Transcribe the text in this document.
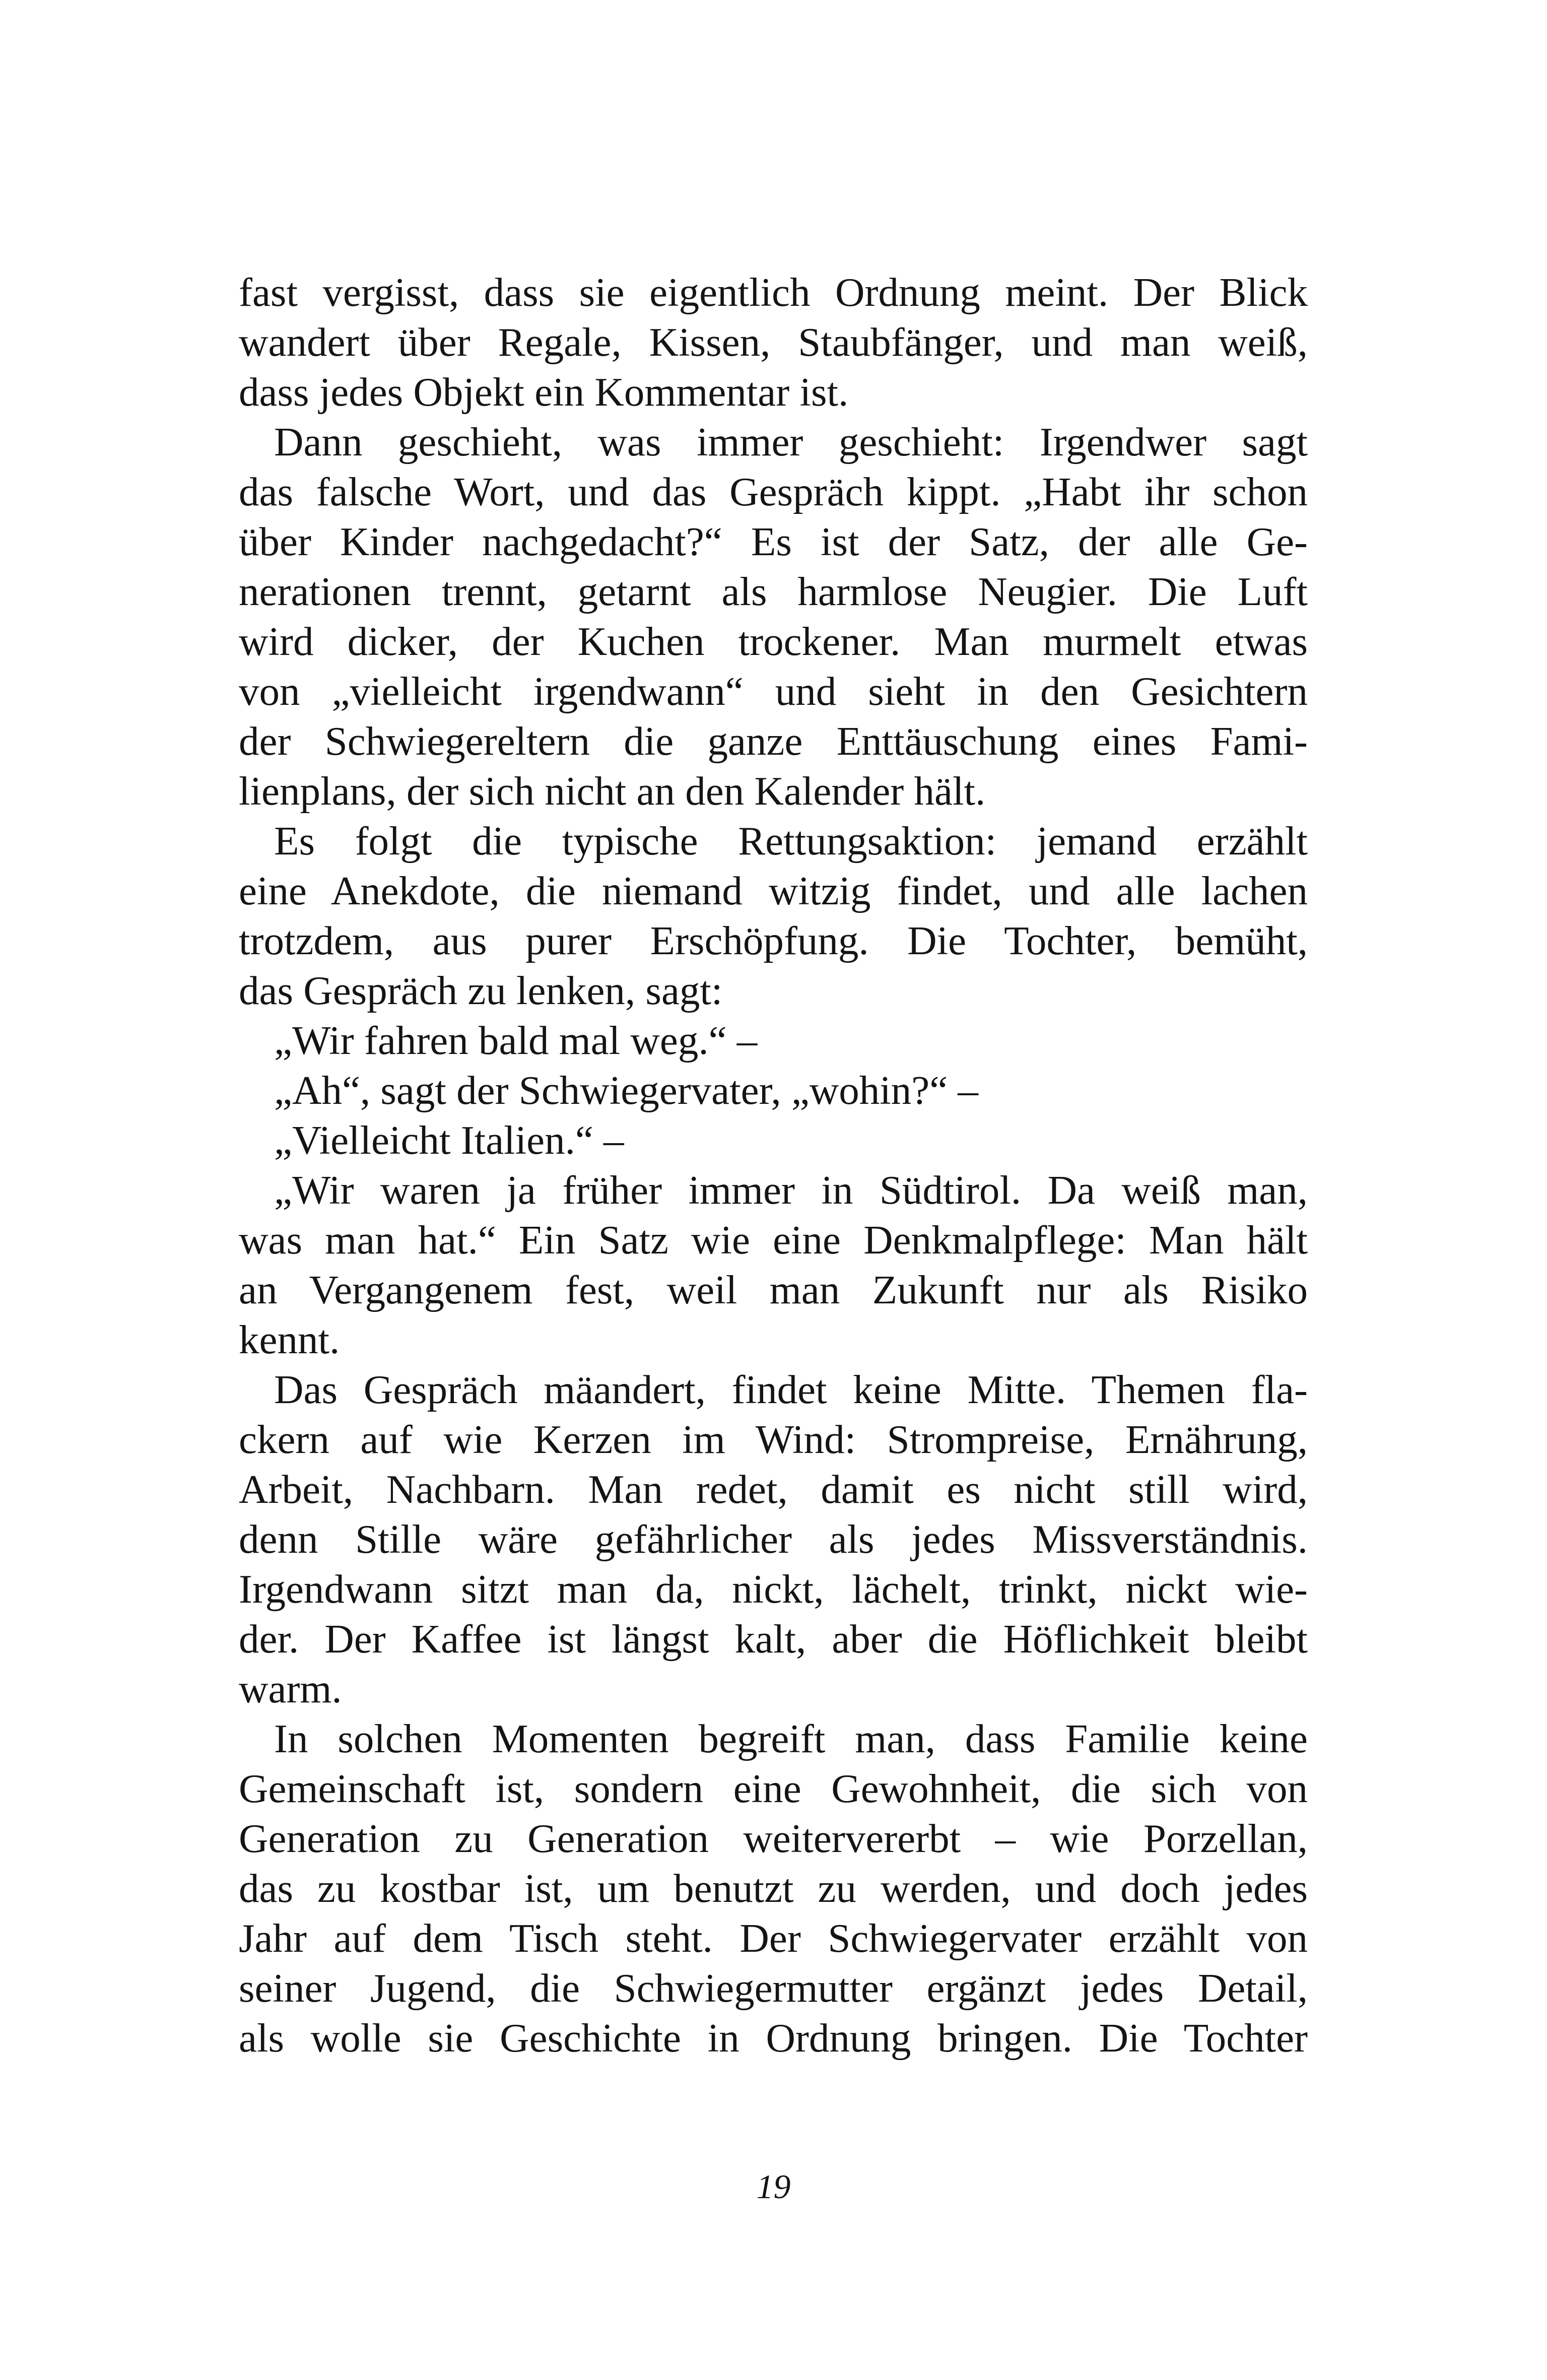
fast vergisst, dass sie eigentlich Ordnung meint. Der Blick
wandert über Regale, Kissen, Staubfänger, und man weiß,
dass jedes Objekt ein Kommentar ist.
Dann geschieht, was immer geschieht: Irgendwer sagt
das falsche Wort, und das Gespräch kippt. „Habt ihr schon
über Kinder nachgedacht?“ Es ist der Satz, der alle Ge-
nerationen trennt, getarnt als harmlose Neugier. Die Luft
wird dicker, der Kuchen trockener. Man murmelt etwas
von „vielleicht irgendwann“ und sieht in den Gesichtern
der Schwiegereltern die ganze Enttäuschung eines Fami-
lienplans, der sich nicht an den Kalender hält.
Es folgt die typische Rettungsaktion: jemand erzählt
eine Anekdote, die niemand witzig findet, und alle lachen
trotzdem, aus purer Erschöpfung. Die Tochter, bemüht,
das Gespräch zu lenken, sagt:
„Wir fahren bald mal weg.“ –
„Ah“, sagt der Schwiegervater, „wohin?“ –
„Vielleicht Italien.“ –
„Wir waren ja früher immer in Südtirol. Da weiß man,
was man hat.“ Ein Satz wie eine Denkmalpflege: Man hält
an Vergangenem fest, weil man Zukunft nur als Risiko
kennt.
Das Gespräch mäandert, findet keine Mitte. Themen fla-
ckern auf wie Kerzen im Wind: Strompreise, Ernährung,
Arbeit, Nachbarn. Man redet, damit es nicht still wird,
denn Stille wäre gefährlicher als jedes Missverständnis.
Irgendwann sitzt man da, nickt, lächelt, trinkt, nickt wie-
der. Der Kaffee ist längst kalt, aber die Höflichkeit bleibt
warm.
In solchen Momenten begreift man, dass Familie keine
Gemeinschaft ist, sondern eine Gewohnheit, die sich von
Generation zu Generation weitervererbt – wie Porzellan,
das zu kostbar ist, um benutzt zu werden, und doch jedes
Jahr auf dem Tisch steht. Der Schwiegervater erzählt von
seiner Jugend, die Schwiegermutter ergänzt jedes Detail,
als wolle sie Geschichte in Ordnung bringen. Die Tochter
19
